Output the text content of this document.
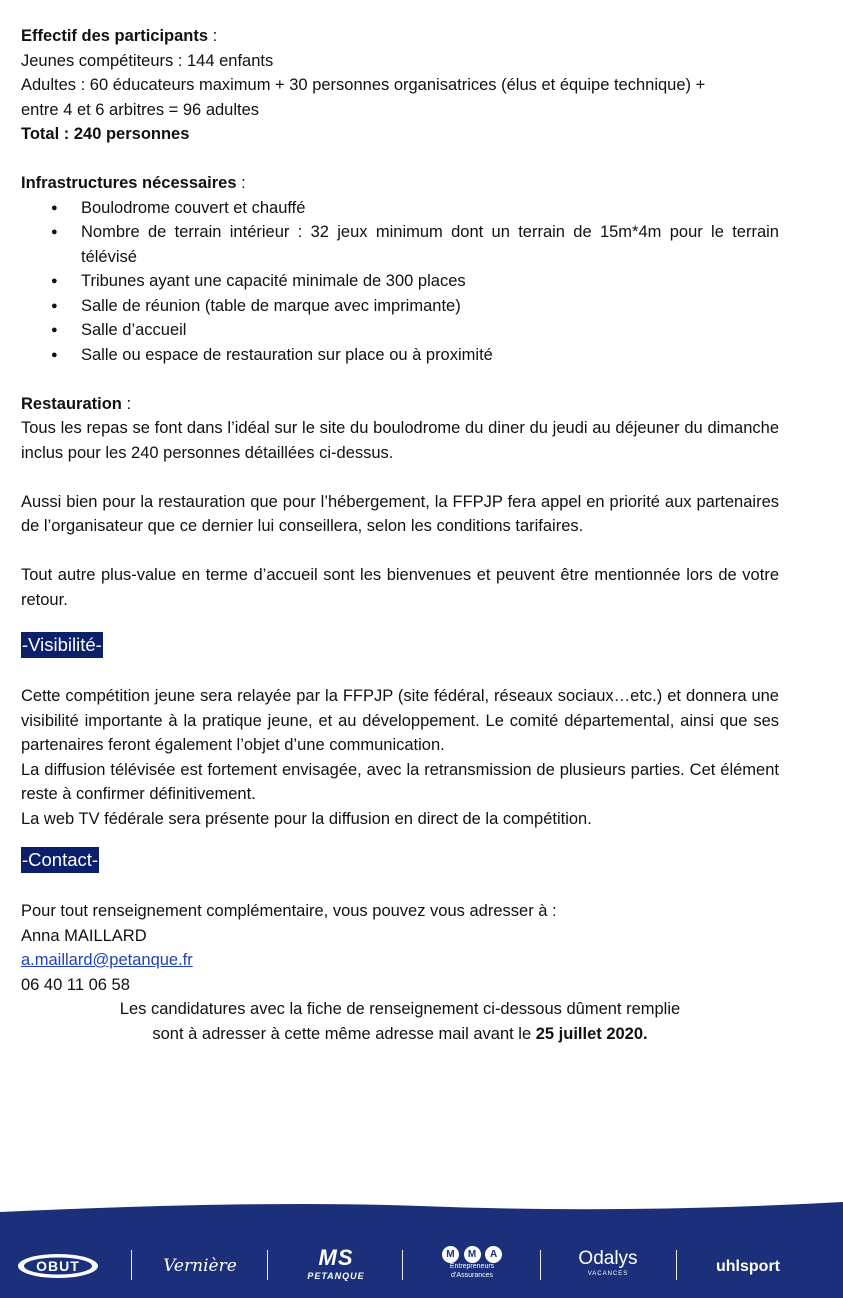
Effectif des participants :

Jeunes compétiteurs : 144 enfants

Adultes : 60 éducateurs maximum + 30 personnes organisatrices (élus et équipe technique) +

entre 4 et 6 arbitres = 96 adultes

Total : 240 personnes

Infrastructures nécessaires :

● Boulodrome couvert et chauffé
● Nombre de terrain intérieur : 32 jeux minimum dont un terrain de 15m*4m pour le terrain télévisé
● Tribunes ayant une capacité minimale de 300 places
● Salle de réunion (table de marque avec imprimante)
● Salle d’accueil
● Salle ou espace de restauration sur place ou à proximité

Restauration :

Tous les repas se font dans l’idéal sur le site du boulodrome du diner du jeudi au déjeuner du dimanche inclus pour les 240 personnes détaillées ci-dessus.

Aussi bien pour la restauration que pour l’hébergement, la FFPJP fera appel en priorité aux partenaires de l’organisateur que ce dernier lui conseillera, selon les conditions tarifaires.

Tout autre plus-value en terme d’accueil sont les bienvenues et peuvent être mentionnée lors de votre retour.

-Visibilité-

Cette compétition jeune sera relayée par la FFPJP (site fédéral, réseaux sociaux…etc.) et donnera une visibilité importante à la pratique jeune, et au développement. Le comité départemental, ainsi que ses partenaires feront également l’objet d’une communication.

La diffusion télévisée est fortement envisagée, avec la retransmission de plusieurs parties. Cet élément reste à confirmer définitivement.

La web TV fédérale sera présente pour la diffusion en direct de la compétition.

-Contact-

Pour tout renseignement complémentaire, vous pouvez vous adresser à :

Anna MAILLARD

a.maillard@petanque.fr

06 40 11 06 58

Les candidatures avec la fiche de renseignement ci-dessous dûment remplie

sont à adresser à cette même adresse mail avant le 25 juillet 2020.

OBUT	Vernière	MS
PETANQUE
M M A
Entrepreneurs
d’Assurances
Odalys
VACANCES	uhlsport
